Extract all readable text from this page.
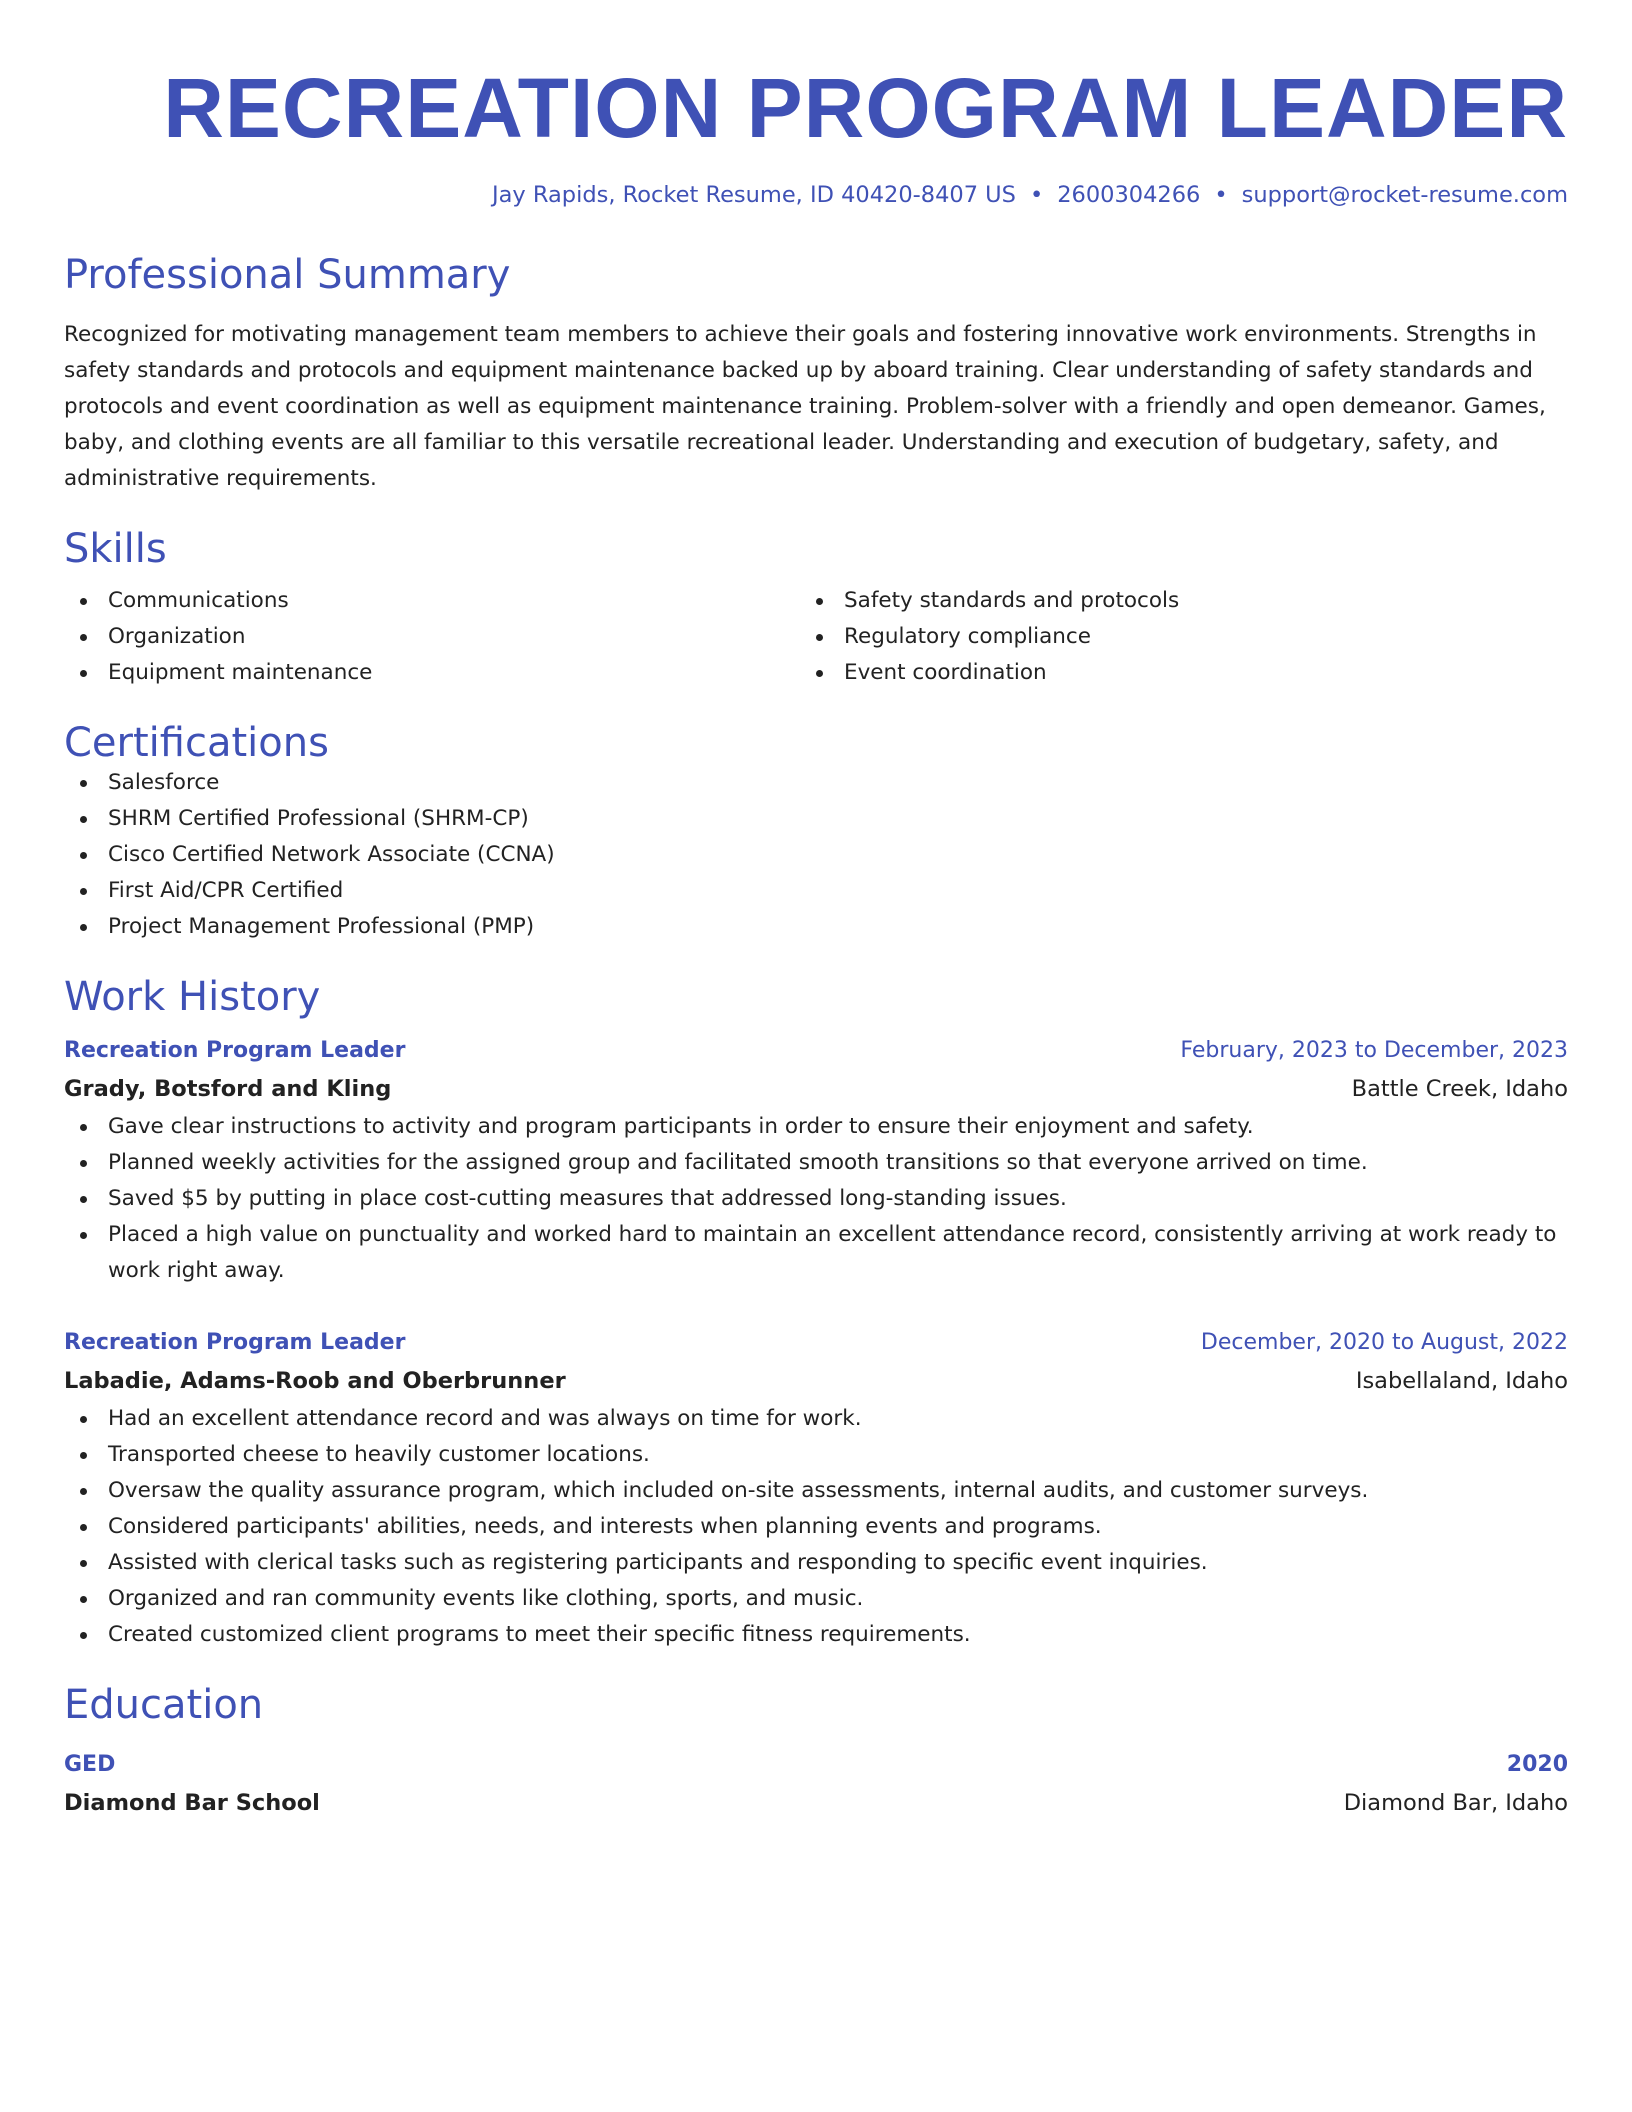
RECREATION PROGRAM LEADER
Jay Rapids, Rocket Resume, ID 40420-8407 US • 2600304266 • support@rocket-resume.com
Professional Summary

Recognized for motivating management team members to achieve their goals and fostering innovative work environments. Strengths in safety standards and protocols and equipment maintenance backed up by aboard training. Clear understanding of safety standards and protocols and event coordination as well as equipment maintenance training. Problem-solver with a friendly and open demeanor. Games, baby, and clothing events are all familiar to this versatile recreational leader. Understanding and execution of budgetary, safety, and administrative requirements.

Skills
Communications
Organization
Equipment maintenance
Safety standards and protocols
Regulatory compliance
Event coordination
Certifications
Salesforce
SHRM Certified Professional (SHRM-CP)
Cisco Certified Network Associate (CCNA)
First Aid/CPR Certified
Project Management Professional (PMP)
Work History
Recreation Program Leader	February, 2023 to December, 2023
Grady, Botsford and Kling	Battle Creek, Idaho
Gave clear instructions to activity and program participants in order to ensure their enjoyment and safety.
Planned weekly activities for the assigned group and facilitated smooth transitions so that everyone arrived on time.
Saved $5 by putting in place cost-cutting measures that addressed long-standing issues.
Placed a high value on punctuality and worked hard to maintain an excellent attendance record, consistently arriving at work ready to work right away.
Recreation Program Leader	December, 2020 to August, 2022
Labadie, Adams-Roob and Oberbrunner	Isabellaland, Idaho
Had an excellent attendance record and was always on time for work.
Transported cheese to heavily customer locations.
Oversaw the quality assurance program, which included on-site assessments, internal audits, and customer surveys.
Considered participants' abilities, needs, and interests when planning events and programs.
Assisted with clerical tasks such as registering participants and responding to specific event inquiries.
Organized and ran community events like clothing, sports, and music.
Created customized client programs to meet their specific fitness requirements.
Education
GED	2020
Diamond Bar School	Diamond Bar, Idaho
